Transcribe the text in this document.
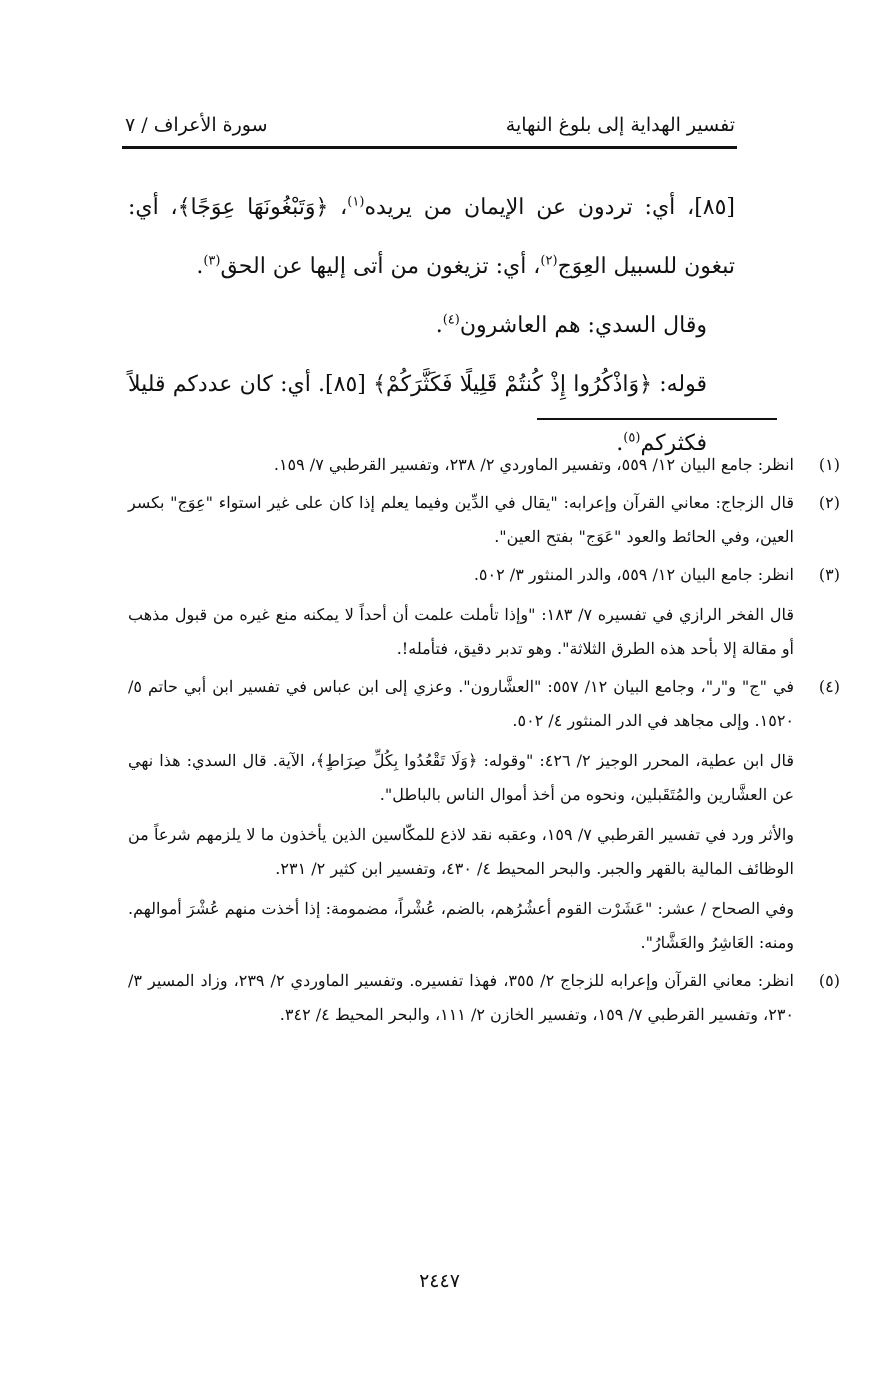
تفسير الهداية إلى بلوغ النهاية
سورة الأعراف / ٧

[٨٥]، أي: تردون عن الإيمان من يريده$^{(١)}$، ﴿وَتَبْغُونَهَا عِوَجًا﴾، أي: تبغون للسبيل العِوَج$^{(٢)}$، أي: تزيغون من أتى إليها عن الحق$^{(٣)}$.

وقال السدي: هم العاشرون$^{(٤)}$.

قوله: ﴿وَاذْكُرُوا إِذْ كُنتُمْ قَلِيلًا فَكَثَّرَكُمْ﴾ [٨٥]. أي: كان عددكم قليلاً فكثركم$^{(٥)}$.

(١)

انظر: جامع البيان ١٢/ ٥٥٩، وتفسير الماوردي ٢/ ٢٣٨، وتفسير القرطبي ٧/ ١٥٩.

(٢)

قال الزجاج: معاني القرآن وإعرابه: "يقال في الدِّين وفيما يعلم إذا كان على غير استواء "عِوَج" بكسر العين، وفي الحائط والعود "عَوَج" بفتح العين".

(٣)

انظر: جامع البيان ١٢/ ٥٥٩، والدر المنثور ٣/ ٥٠٢.

قال الفخر الرازي في تفسيره ٧/ ١٨٣: "وإذا تأملت علمت أن أحداً لا يمكنه منع غيره من قبول مذهب أو مقالة إلا بأحد هذه الطرق الثلاثة". وهو تدبر دقيق، فتأمله!.

(٤)

في "ج" و"ر"، وجامع البيان ١٢/ ٥٥٧: "العشَّارون". وعزي إلى ابن عباس في تفسير ابن أبي حاتم ٥/ ١٥٢٠. وإلى مجاهد في الدر المنثور ٤/ ٥٠٢.

قال ابن عطية، المحرر الوجيز ٢/ ٤٢٦: "وقوله: ﴿وَلَا تَقْعُدُوا بِكُلِّ صِرَاطٍ﴾، الآية. قال السدي: هذا نهي عن العشَّارين والمُتَقَبلين، ونحوه من أخذ أموال الناس بالباطل".

والأثر ورد في تفسير القرطبي ٧/ ١٥٩، وعقبه نقد لاذع للمكّاسين الذين يأخذون ما لا يلزمهم شرعاً من الوظائف المالية بالقهر والجبر. والبحر المحيط ٤/ ٤٣٠، وتفسير ابن كثير ٢/ ٢٣١.

وفي الصحاح / عشر: "عَشَرْت القوم أعشُرُهم، بالضم، عُشْراً، مضمومة: إذا أخذت منهم عُشْرَ أموالهم. ومنه: العَاشِرُ والعَشَّارُ".

(٥)

انظر: معاني القرآن وإعرابه للزجاج ٢/ ٣٥٥، فهذا تفسيره. وتفسير الماوردي ٢/ ٢٣٩، وزاد المسير ٣/ ٢٣٠، وتفسير القرطبي ٧/ ١٥٩، وتفسير الخازن ٢/ ١١١، والبحر المحيط ٤/ ٣٤٢.

٢٤٤٧
